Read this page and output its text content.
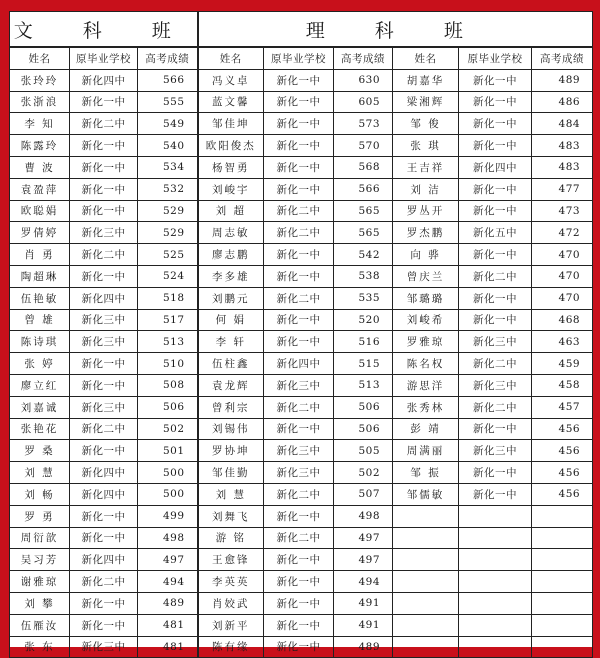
文 科 班			理 科 班					
姓名	原毕业学校	高考成绩	姓名	原毕业学校	高考成绩	姓名	原毕业学校	高考成绩
张玲玲	新化四中	566	冯义卓	新化一中	630	胡嘉华	新化一中	489
张浙浪	新化一中	555	蓝文馨	新化一中	605	梁湘辉	新化一中	486
李 知	新化二中	549	邹佳坤	新化一中	573	邹 俊	新化一中	484
陈露玲	新化一中	540	欧阳俊杰	新化一中	570	张 琪	新化一中	483
曹 波	新化一中	534	杨智勇	新化一中	568	王吉祥	新化四中	483
袁盈萍	新化一中	532	刘峻宇	新化一中	566	刘 洁	新化一中	477
欧聪娟	新化一中	529	刘 超	新化二中	565	罗丛开	新化一中	473
罗倩婷	新化三中	529	周志敏	新化二中	565	罗杰鹏	新化五中	472
肖 勇	新化二中	525	廖志鹏	新化一中	542	向 骅	新化一中	470
陶超琳	新化一中	524	李多雄	新化一中	538	曾庆兰	新化二中	470
伍艳敏	新化四中	518	刘鹏元	新化二中	535	邹璐璐	新化一中	470
曾 雄	新化三中	517	何 娟	新化一中	520	刘峻希	新化一中	468
陈诗琪	新化三中	513	李 轩	新化一中	516	罗雅琼	新化三中	463
张 婷	新化一中	510	伍柱鑫	新化四中	515	陈名权	新化二中	459
廖立红	新化一中	508	袁龙辉	新化三中	513	游思洋	新化三中	458
刘嘉诚	新化三中	506	曾利宗	新化二中	506	张秀林	新化二中	457
张艳花	新化二中	502	刘锡伟	新化一中	506	彭 靖	新化一中	456
罗 桑	新化一中	501	罗协坤	新化三中	505	周满丽	新化三中	456
刘 慧	新化四中	500	邹佳勤	新化三中	502	邹 振	新化一中	456
刘 畅	新化四中	500	刘 慧	新化二中	507	邹儒敏	新化一中	456
罗 勇	新化一中	499	刘舞飞	新化一中	498			
周衍歆	新化一中	498	游 铭	新化二中	497			
吴习芳	新化四中	497	王愈锋	新化一中	497			
谢雅琼	新化二中	494	李英英	新化一中	494			
刘 攀	新化一中	489	肖姣武	新化一中	491			
伍雁汝	新化一中	481	刘新平	新化一中	491			
张 东	新化三中	481	陈有缘	新化一中	489			
